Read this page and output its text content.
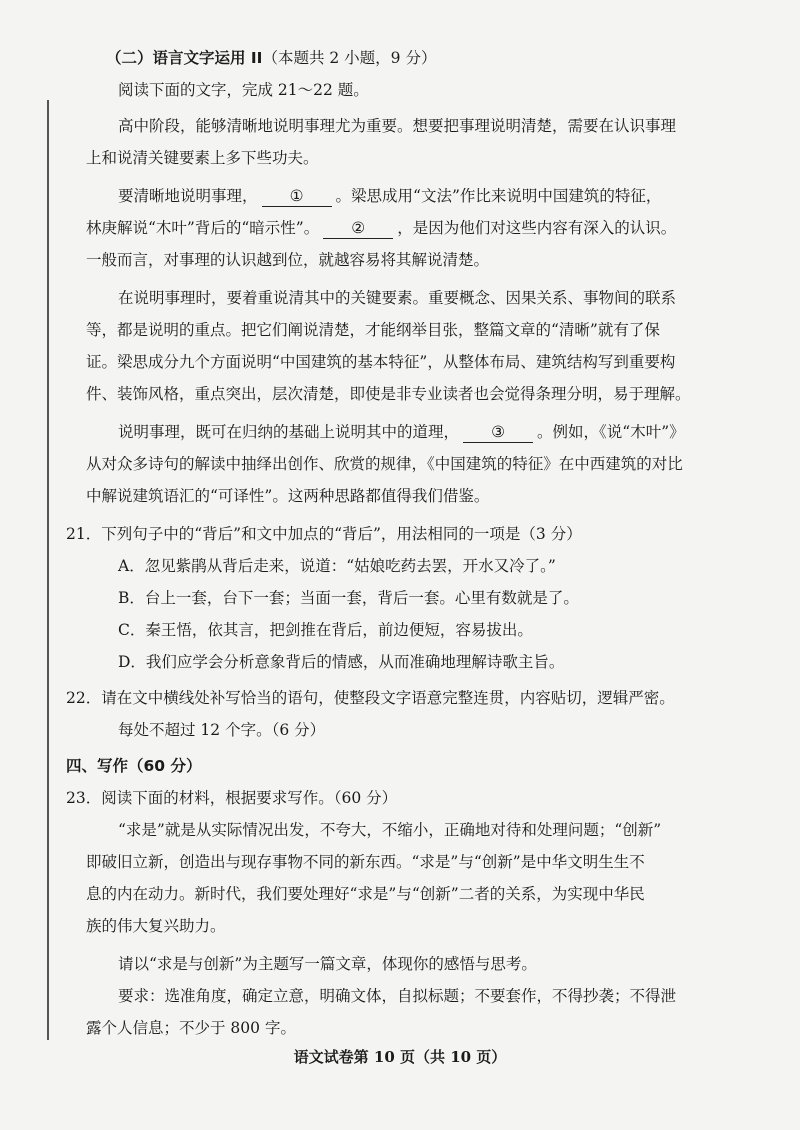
（二）语言文字运用 II（本题共 2 小题，9 分）
阅读下面的文字，完成 21～22 题。
高中阶段，能够清晰地说明事理尤为重要。想要把事理说明清楚，需要在认识事理
上和说清关键要素上多下些功夫。
要清晰地说明事理， ① 。梁思成用“文法”作比来说明中国建筑的特征，
林庚解说“木叶”背后的“暗示性”。 ② ，是因为他们对这些内容有深入的认识。
一般而言，对事理的认识越到位，就越容易将其解说清楚。
在说明事理时，要着重说清其中的关键要素。重要概念、因果关系、事物间的联系
等，都是说明的重点。把它们阐说清楚，才能纲举目张，整篇文章的“清晰”就有了保
证。梁思成分九个方面说明“中国建筑的基本特征”，从整体布局、建筑结构写到重要构
件、装饰风格，重点突出，层次清楚，即使是非专业读者也会觉得条理分明，易于理解。
说明事理，既可在归纳的基础上说明其中的道理， ③ 。例如，《说“木叶”》
从对众多诗句的解读中抽绎出创作、欣赏的规律，《中国建筑的特征》在中西建筑的对比
中解说建筑语汇的“可译性”。这两种思路都值得我们借鉴。
21．下列句子中的“背后”和文中加点的“背后”，用法相同的一项是（3 分）
A．忽见紫鹃从背后走来，说道：“姑娘吃药去罢，开水又冷了。”
B．台上一套，台下一套；当面一套，背后一套。心里有数就是了。
C．秦王悟，依其言，把剑推在背后，前边便短，容易拔出。
D．我们应学会分析意象背后的情感，从而准确地理解诗歌主旨。
22．请在文中横线处补写恰当的语句，使整段文字语意完整连贯，内容贴切，逻辑严密。
每处不超过 12 个字。（6 分）
四、写作（60 分）
23．阅读下面的材料，根据要求写作。（60 分）
“求是”就是从实际情况出发，不夸大，不缩小，正确地对待和处理问题；“创新”
即破旧立新，创造出与现存事物不同的新东西。“求是”与“创新”是中华文明生生不
息的内在动力。新时代，我们要处理好“求是”与“创新”二者的关系，为实现中华民
族的伟大复兴助力。
请以“求是与创新”为主题写一篇文章，体现你的感悟与思考。
要求：选准角度，确定立意，明确文体，自拟标题；不要套作，不得抄袭；不得泄
露个人信息；不少于 800 字。
语文试卷第 10 页（共 10 页）
